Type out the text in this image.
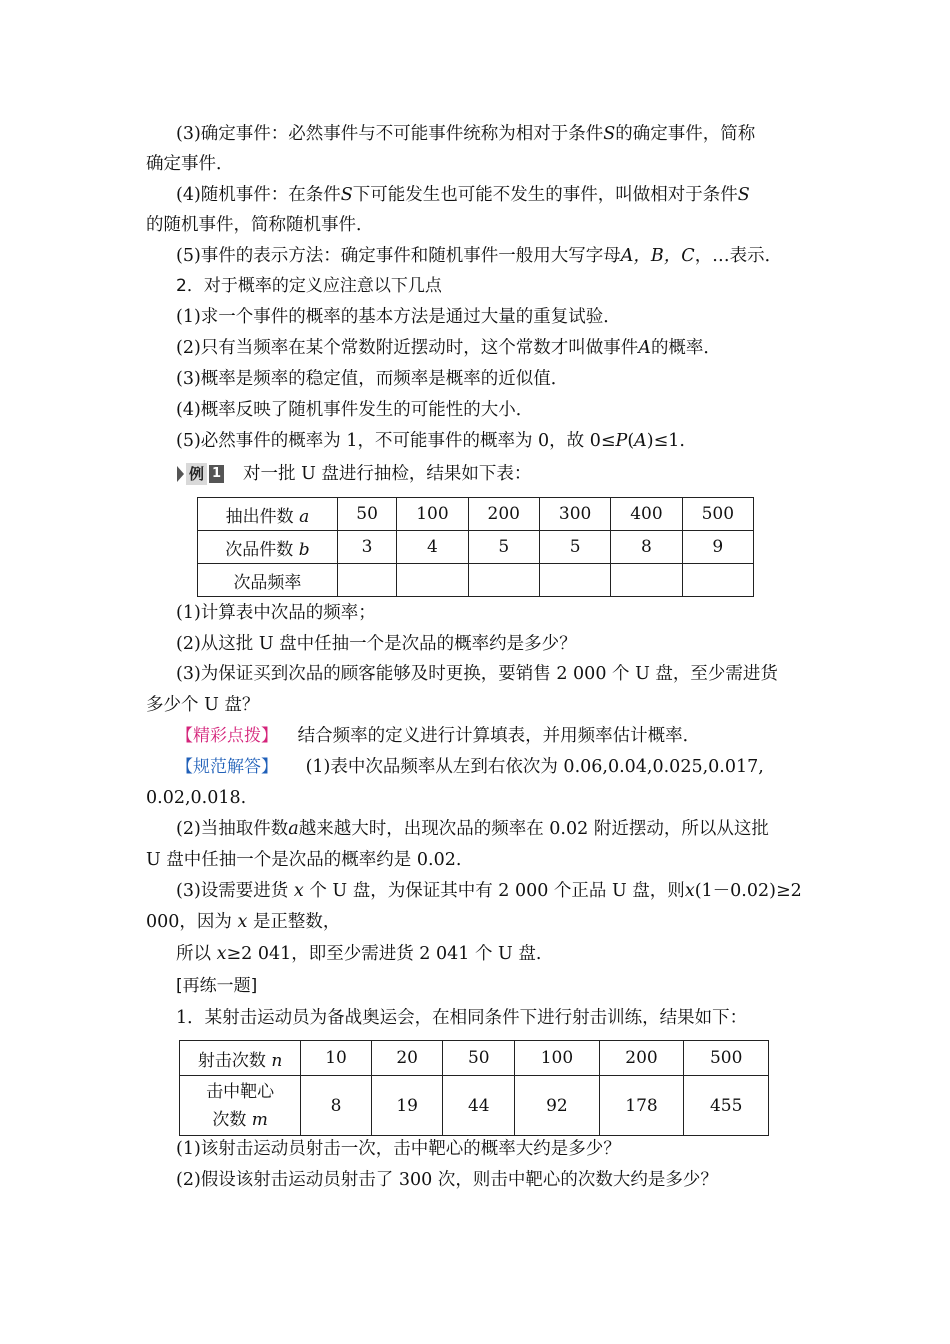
(3)确定事件：必然事件与不可能事件统称为相对于条件S的确定事件，简称
确定事件．
(4)随机事件：在条件S下可能发生也可能不发生的事件，叫做相对于条件S
的随机事件，简称随机事件．
(5)事件的表示方法：确定事件和随机事件一般用大写字母A，B，C，…表示．
2．对于概率的定义应注意以下几点
(1)求一个事件的概率的基本方法是通过大量的重复试验．
(2)只有当频率在某个常数附近摆动时，这个常数才叫做事件A的概率．
(3)概率是频率的稳定值，而频率是概率的近似值．
(4)概率反映了随机事件发生的可能性的大小．
(5)必然事件的概率为 1，不可能事件的概率为 0，故 0≤P(A)≤1.
例 1 对一批 U 盘进行抽检，结果如下表：
抽出件数 a	50	100	200	300	400	500
次品件数 b	3	4	5	5	8	9
次品频率						
(1)计算表中次品的频率；
(2)从这批 U 盘中任抽一个是次品的概率约是多少？
(3)为保证买到次品的顾客能够及时更换，要销售 2 000 个 U 盘，至少需进货
多少个 U 盘？
【精彩点拨】 结合频率的定义进行计算填表，并用频率估计概率．
【规范解答】 (1)表中次品频率从左到右依次为 0.06,0.04,0.025,0.017,
0.02,0.018.
(2)当抽取件数a越来越大时，出现次品的频率在 0.02 附近摆动，所以从这批
U 盘中任抽一个是次品的概率约是 0.02.
(3)设需要进货 x 个 U 盘，为保证其中有 2 000 个正品 U 盘，则x(1－0.02)≥2
000，因为 x 是正整数，
所以 x≥2 041，即至少需进货 2 041 个 U 盘.
[再练一题]
1．某射击运动员为备战奥运会，在相同条件下进行射击训练，结果如下：
射击次数 n	10	20	50	100	200	500
击中靶心
次数 m	8	19	44	92	178	455
(1)该射击运动员射击一次，击中靶心的概率大约是多少？
(2)假设该射击运动员射击了 300 次，则击中靶心的次数大约是多少？
